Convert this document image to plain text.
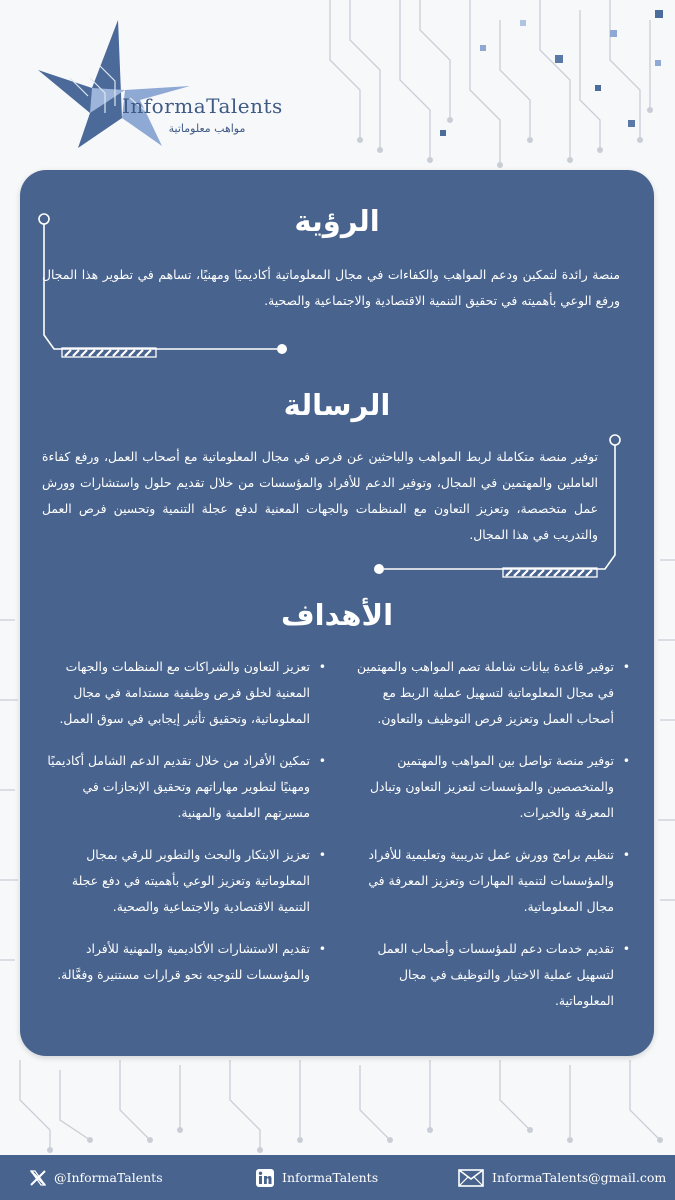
InformaTalents
مواهب معلوماتية
الرؤية
منصة رائدة لتمكين ودعم المواهب والكفاءات في مجال المعلوماتية أكاديميًا ومهنيًا، تساهم في تطوير هذا المجال ورفع الوعي بأهميته في تحقيق التنمية الاقتصادية والاجتماعية والصحية.
الرسالة
توفير منصة متكاملة لربط المواهب والباحثين عن فرص في مجال المعلوماتية مع أصحاب العمل، ورفع كفاءة العاملين والمهتمين في المجال، وتوفير الدعم للأفراد والمؤسسات من خلال تقديم حلول واستشارات وورش عمل متخصصة، وتعزيز التعاون مع المنظمات والجهات المعنية لدفع عجلة التنمية وتحسين فرص العمل والتدريب في هذا المجال.
الأهداف
•
توفير قاعدة بيانات شاملة تضم المواهب والمهتمين في مجال المعلوماتية لتسهيل عملية الربط مع أصحاب العمل وتعزيز فرص التوظيف والتعاون.
•
توفير منصة تواصل بين المواهب والمهتمين والمتخصصين والمؤسسات لتعزيز التعاون وتبادل المعرفة والخبرات.
•
تنظيم برامج وورش عمل تدريبية وتعليمية للأفراد والمؤسسات لتنمية المهارات وتعزيز المعرفة في مجال المعلوماتية.
•
تقديم خدمات دعم للمؤسسات وأصحاب العمل لتسهيل عملية الاختيار والتوظيف في مجال المعلوماتية.
•
تعزيز التعاون والشراكات مع المنظمات والجهات المعنية لخلق فرص وظيفية مستدامة في مجال المعلوماتية، وتحقيق تأثير إيجابي في سوق العمل.
•
تمكين الأفراد من خلال تقديم الدعم الشامل أكاديميًا ومهنيًا لتطوير مهاراتهم وتحقيق الإنجازات في مسيرتهم العلمية والمهنية.
•
تعزيز الابتكار والبحث والتطوير للرقي بمجال المعلوماتية وتعزيز الوعي بأهميته في دفع عجلة التنمية الاقتصادية والاجتماعية والصحية.
•
تقديم الاستشارات الأكاديمية والمهنية للأفراد والمؤسسات للتوجيه نحو قرارات مستنيرة وفعَّالة.
@InformaTalents	InformaTalents	InformaTalents@gmail.com
